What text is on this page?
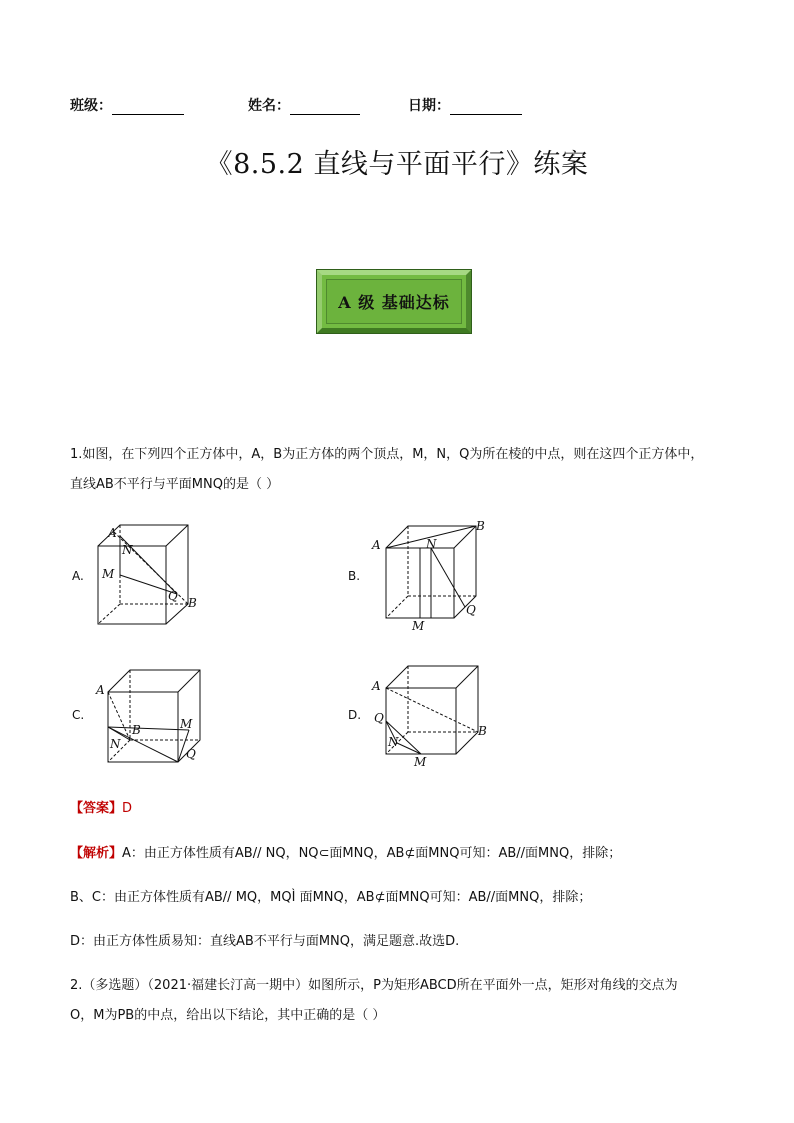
班级：	姓名：	日期：
《8.5.2 直线与平面平行》练案
A 级 基础达标
1.如图，在下列四个正方体中，A，B为正方体的两个顶点，M，N，Q为所在棱的中点，则在这四个正方体中，
直线AB不平行与平面MNQ的是（ ）
A.	B.
C.	D.
A
N
M
Q B
A	N
B
Q
M
A
B	M
N
Q
A
Q
N
B
M
【答案】D
【解析】A：由正方体性质有AB// NQ，NQ⊂面MNQ，AB⊄面MNQ可知：AB//面MNQ，排除；
B、C：由正方体性质有AB// MQ，MQÌ 面MNQ，AB⊄面MNQ可知：AB//面MNQ，排除；
D：由正方体性质易知：直线AB不平行与面MNQ，满足题意.故选D.
2.（多选题）（2021·福建长汀高一期中）如图所示，P为矩形ABCD所在平面外一点，矩形对角线的交点为
O，M为PB的中点，给出以下结论，其中正确的是（ ）
